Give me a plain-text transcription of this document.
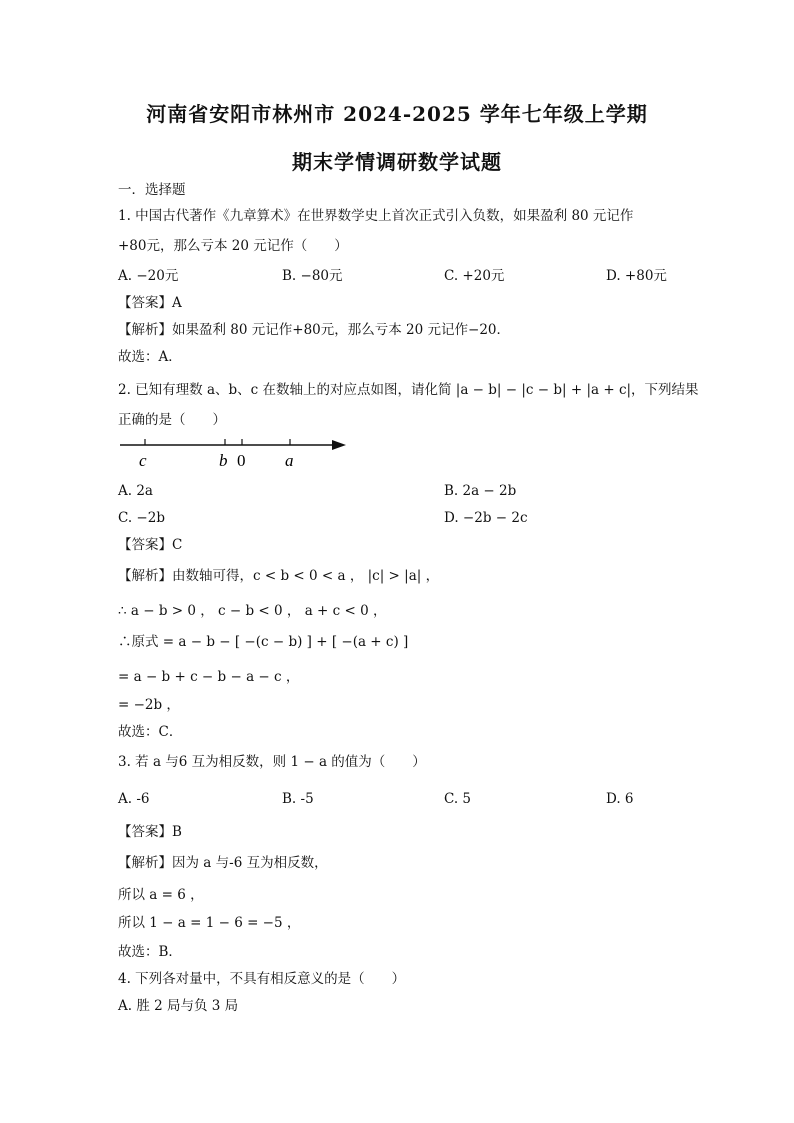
河南省安阳市林州市 2024-2025 学年七年级上学期
期末学情调研数学试题
一．选择题
1. 中国古代著作《九章算术》在世界数学史上首次正式引入负数，如果盈利 80 元记作
+80元，那么亏本 20 元记作（　　）
A. −20元	B. −80元	C. +20元	D. +80元
【答案】A
【解析】如果盈利 80 元记作+80元，那么亏本 20 元记作−20．
故选：A．
2. 已知有理数 a、b、c 在数轴上的对应点如图，请化简 |a − b| − |c − b| + |a + c|，下列结果
正确的是（　　）
c	b 0 a
A. 2a	B. 2a − 2b
C. −2b	D. −2b − 2c
【答案】C
【解析】由数轴可得，c < b < 0 < a ， |c| > |a| ，
∴ a − b > 0 ， c − b < 0 ， a + c < 0 ，
∴原式 = a − b − [ −(c − b) ] + [ −(a + c) ]
= a − b + c − b − a − c ，
= −2b ，
故选：C．
3. 若 a 与6 互为相反数，则 1 − a 的值为（　　）
A. -6	B. -5	C. 5	D. 6
【答案】B
【解析】因为 a 与-6 互为相反数，
所以 a = 6 ，
所以 1 − a = 1 − 6 = −5 ，
故选：B．
4. 下列各对量中，不具有相反意义的是（　　）
A. 胜 2 局与负 3 局
